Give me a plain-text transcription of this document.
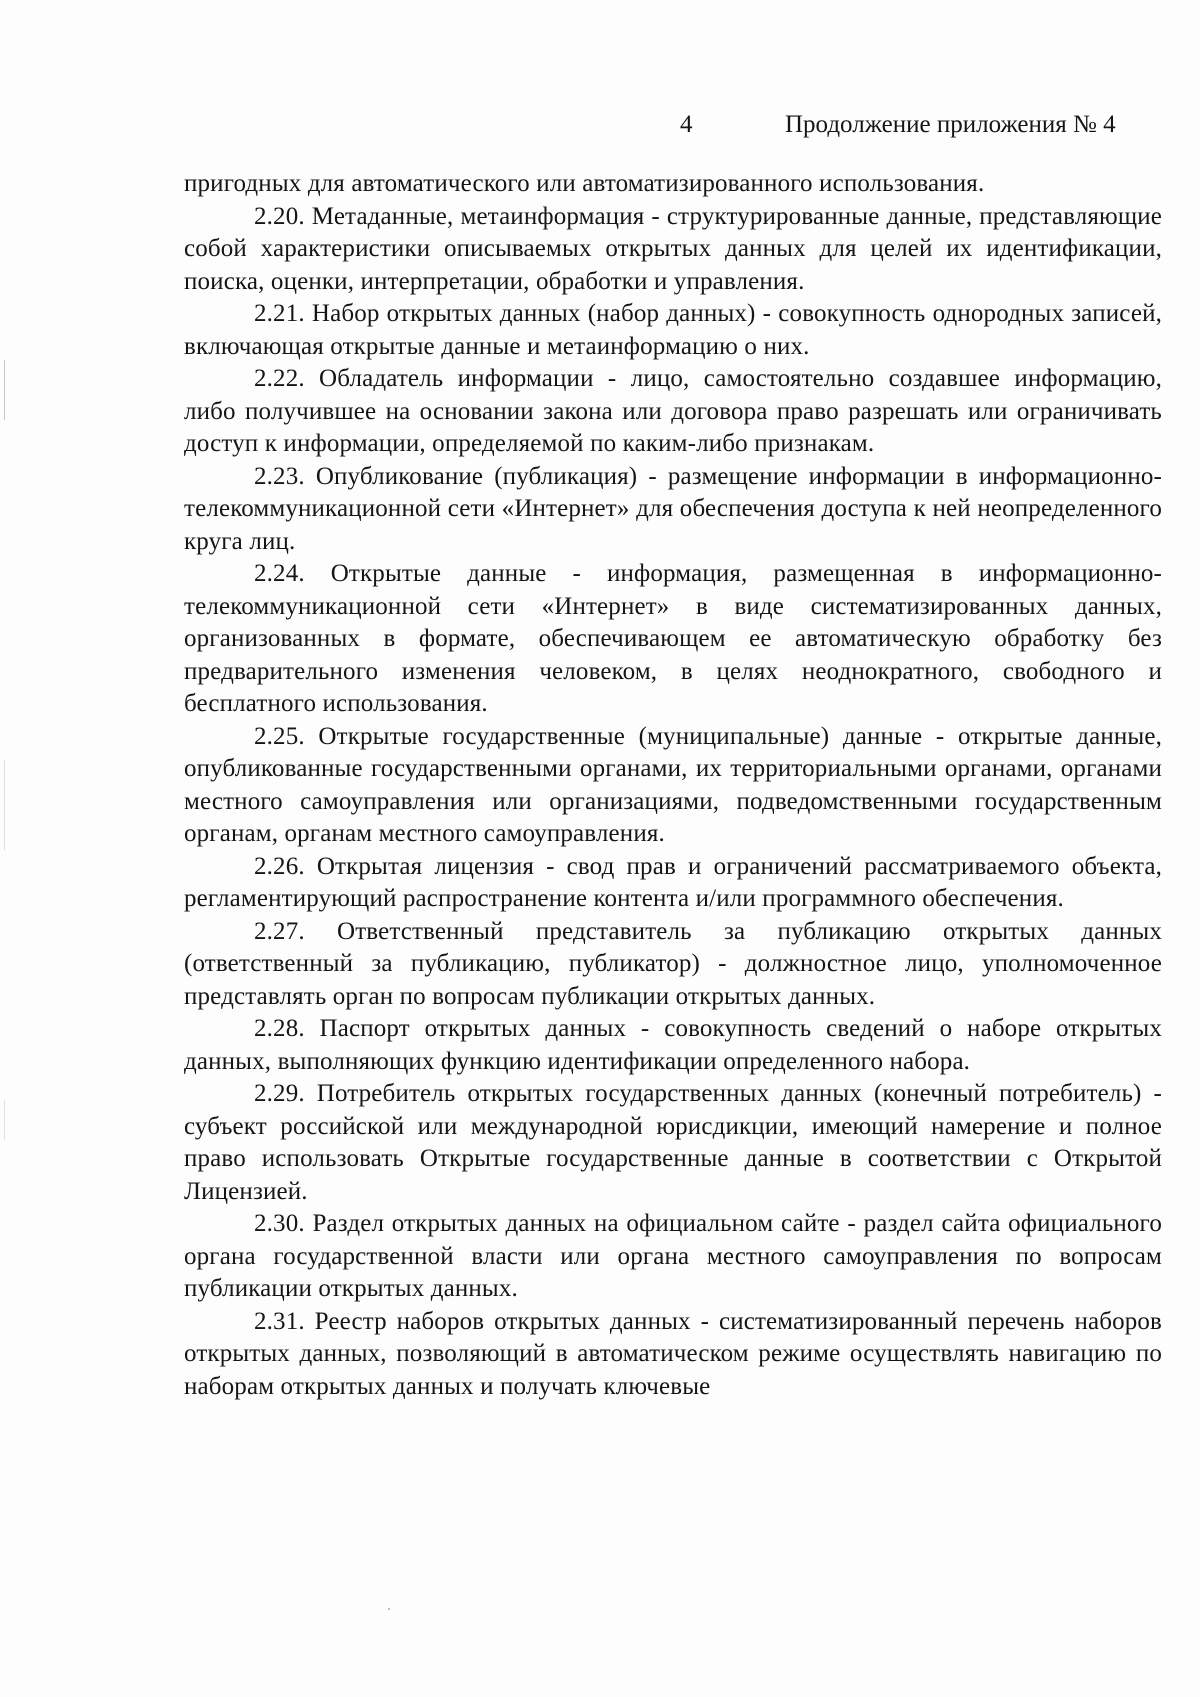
4	Продолжение приложения № 4

пригодных для автоматического или автоматизированного использования.

2.20. Метаданные, метаинформация - структурированные данные, представляющие собой характеристики описываемых открытых данных для целей их идентификации, поиска, оценки, интерпретации, обработки и управления.

2.21. Набор открытых данных (набор данных) - совокупность однородных записей, включающая открытые данные и метаинформацию о них.

2.22. Обладатель информации - лицо, самостоятельно создавшее информацию, либо получившее на основании закона или договора право разрешать или ограничивать доступ к информации, определяемой по каким-либо признакам.

2.23. Опубликование (публикация) - размещение информации в информационно-телекоммуникационной сети «Интернет» для обеспечения доступа к ней неопределенного круга лиц.

2.24. Открытые данные - информация, размещенная в информационно-телекоммуникационной сети «Интернет» в виде систематизированных данных, организованных в формате, обеспечивающем ее автоматическую обработку без предварительного изменения человеком, в целях неоднократного, свободного и бесплатного использования.

2.25. Открытые государственные (муниципальные) данные - открытые данные, опубликованные государственными органами, их территориальными органами, органами местного самоуправления или организациями, подведомственными государственным органам, органам местного самоуправления.

2.26. Открытая лицензия - свод прав и ограничений рассматриваемого объекта, регламентирующий распространение контента и/или программного обеспечения.

2.27. Ответственный представитель за публикацию открытых данных (ответственный за публикацию, публикатор) - должностное лицо, уполномоченное представлять орган по вопросам публикации открытых данных.

2.28. Паспорт открытых данных - совокупность сведений о наборе открытых данных, выполняющих функцию идентификации определенного набора.

2.29. Потребитель открытых государственных данных (конечный потребитель) - субъект российской или международной юрисдикции, имеющий намерение и полное право использовать Открытые государственные данные в соответствии с Открытой Лицензией.

2.30. Раздел открытых данных на официальном сайте - раздел сайта официального органа государственной власти или органа местного самоуправления по вопросам публикации открытых данных.

2.31. Реестр наборов открытых данных - систематизированный перечень наборов открытых данных, позволяющий в автоматическом режиме осуществлять навигацию по наборам открытых данных и получать ключевые
